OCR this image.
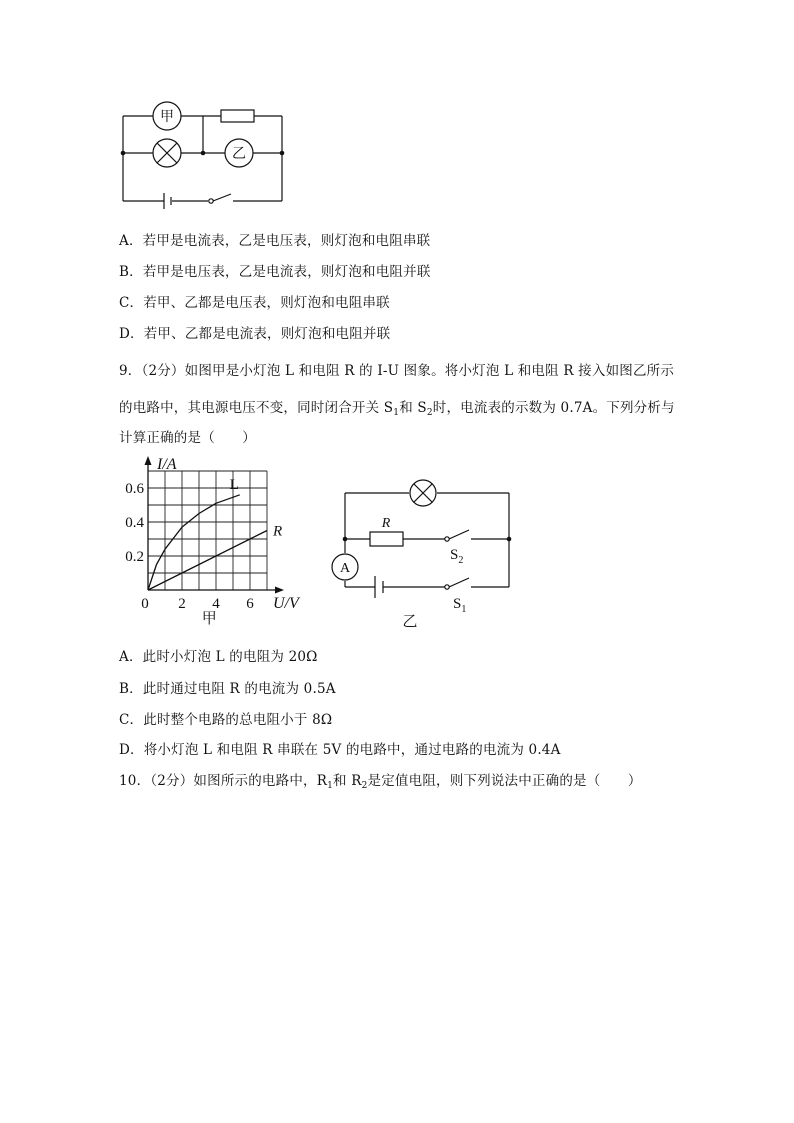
甲
乙
A．若甲是电流表，乙是电压表，则灯泡和电阻串联
B．若甲是电压表，乙是电流表，则灯泡和电阻并联
C．若甲、乙都是电压表，则灯泡和电阻串联
D．若甲、乙都是电流表，则灯泡和电阻并联
9．（2分）如图甲是小灯泡 L 和电阻 R 的 I-U 图象。将小灯泡 L 和电阻 R 接入如图乙所示
的电路中，其电源电压不变，同时闭合开关 $S_1$和 $S_2$时，电流表的示数为 0.7A。下列分析与
计算正确的是（　　）
I/A
U/V
0 2 4 6
0.2
0.4
0.6	L
R
甲
R
A
$S_2$
$S_1$
乙
A．此时小灯泡 L 的电阻为 20Ω
B．此时通过电阻 R 的电流为 0.5A
C．此时整个电路的总电阻小于 8Ω
D．将小灯泡 L 和电阻 R 串联在 5V 的电路中，通过电路的电流为 0.4A
10．（2分）如图所示的电路中，$R_1$和 $R_2$是定值电阻，则下列说法中正确的是（　　）
